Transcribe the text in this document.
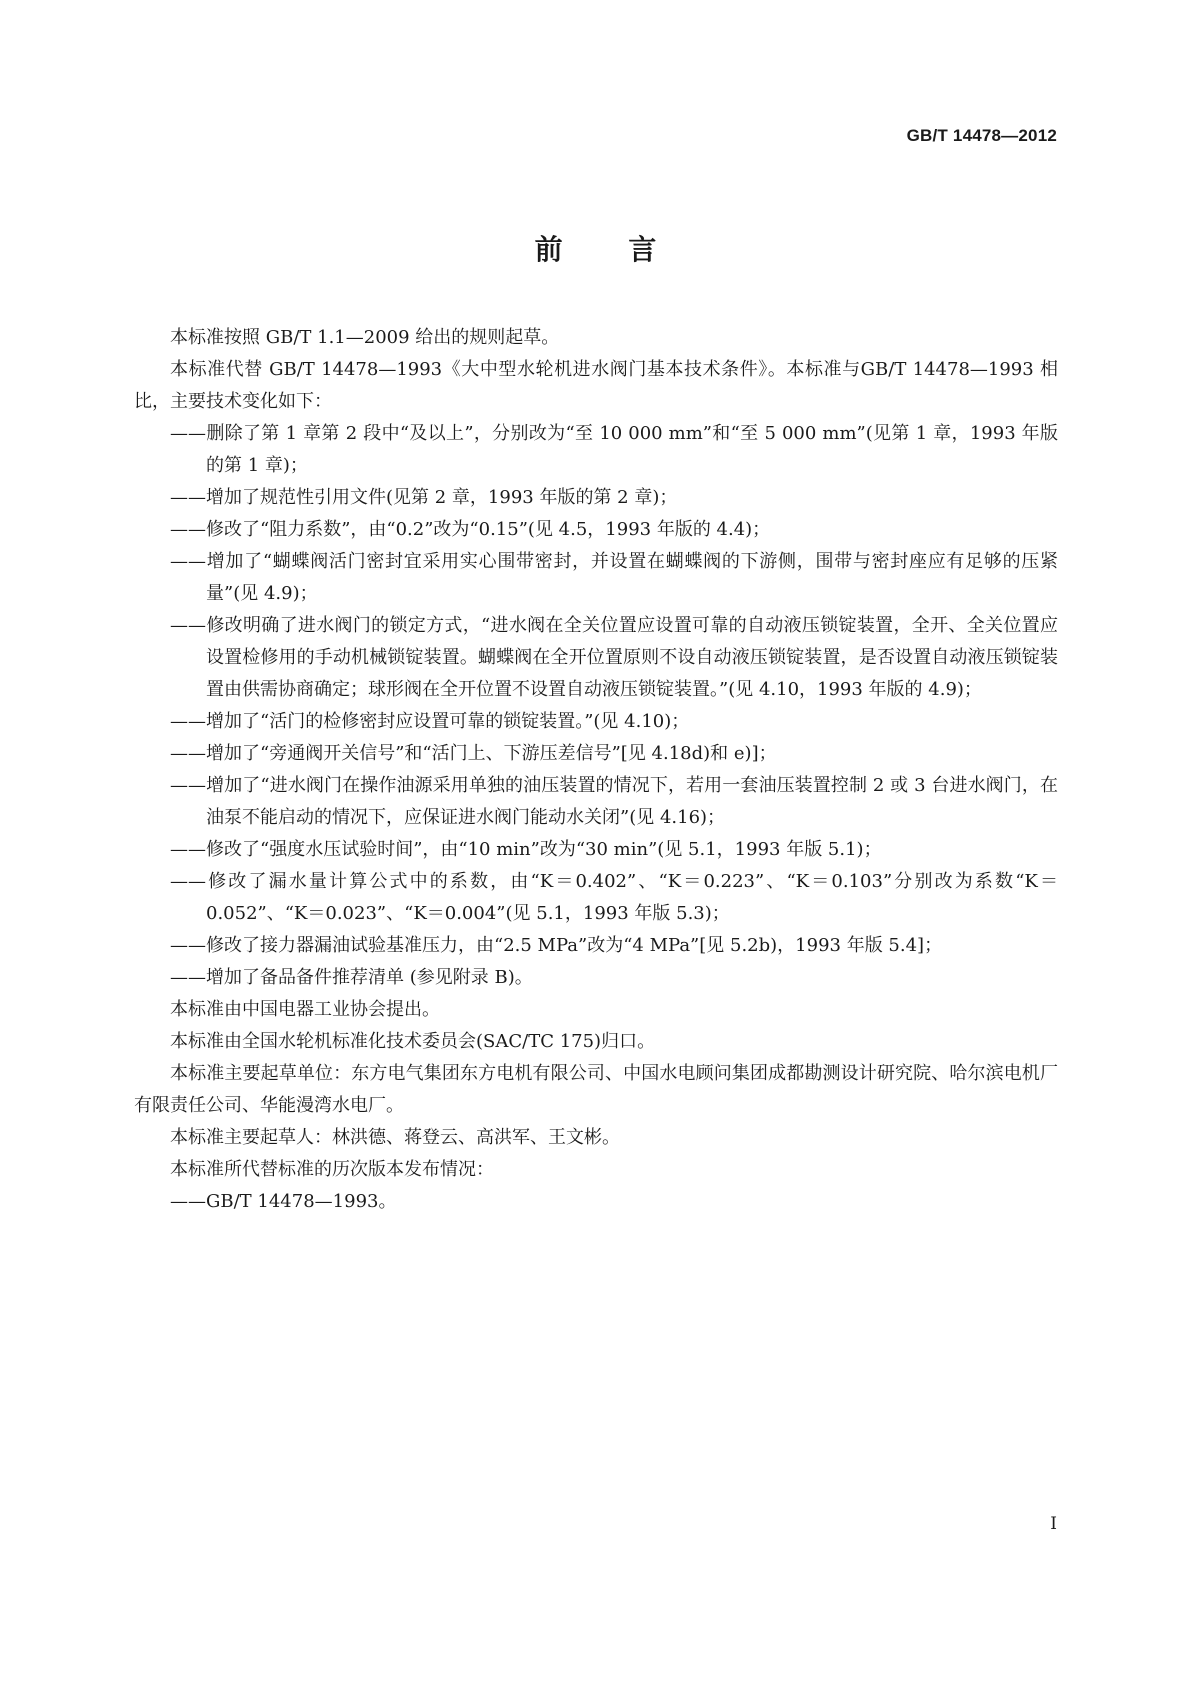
GB/T 14478—2012
前 言

本标准按照 GB/T 1.1—2009 给出的规则起草。

本标准代替 GB/T 14478—1993《大中型水轮机进水阀门基本技术条件》。本标准与GB/T 14478—1993 相比，主要技术变化如下：

——删除了第 1 章第 2 段中“及以上”，分别改为“至 10 000 mm”和“至 5 000 mm”(见第 1 章，1993 年版的第 1 章)；

——增加了规范性引用文件(见第 2 章，1993 年版的第 2 章)；

——修改了“阻力系数”，由“0.2”改为“0.15”(见 4.5，1993 年版的 4.4)；

——增加了“蝴蝶阀活门密封宜采用实心围带密封，并设置在蝴蝶阀的下游侧，围带与密封座应有足够的压紧量”(见 4.9)；

——修改明确了进水阀门的锁定方式，“进水阀在全关位置应设置可靠的自动液压锁锭装置，全开、全关位置应设置检修用的手动机械锁锭装置。蝴蝶阀在全开位置原则不设自动液压锁锭装置，是否设置自动液压锁锭装置由供需协商确定；球形阀在全开位置不设置自动液压锁锭装置。”(见 4.10，1993 年版的 4.9)；

——增加了“活门的检修密封应设置可靠的锁锭装置。”(见 4.10)；

——增加了“旁通阀开关信号”和“活门上、下游压差信号”[见 4.18d)和 e)]；

——增加了“进水阀门在操作油源采用单独的油压装置的情况下，若用一套油压装置控制 2 或 3 台进水阀门，在油泵不能启动的情况下，应保证进水阀门能动水关闭”(见 4.16)；

——修改了“强度水压试验时间”，由“10 min”改为“30 min”(见 5.1，1993 年版 5.1)；

——修改了漏水量计算公式中的系数，由“K＝0.402”、“K＝0.223”、“K＝0.103”分别改为系数“K＝0.052”、“K＝0.023”、“K＝0.004”(见 5.1，1993 年版 5.3)；

——修改了接力器漏油试验基准压力，由“2.5 MPa”改为“4 MPa”[见 5.2b)，1993 年版 5.4]；

——增加了备品备件推荐清单 (参见附录 B)。

本标准由中国电器工业协会提出。

本标准由全国水轮机标准化技术委员会(SAC/TC 175)归口。

本标准主要起草单位：东方电气集团东方电机有限公司、中国水电顾问集团成都勘测设计研究院、哈尔滨电机厂有限责任公司、华能漫湾水电厂。

本标准主要起草人：林洪德、蒋登云、高洪军、王文彬。

本标准所代替标准的历次版本发布情况：

——GB/T 14478—1993。

I
